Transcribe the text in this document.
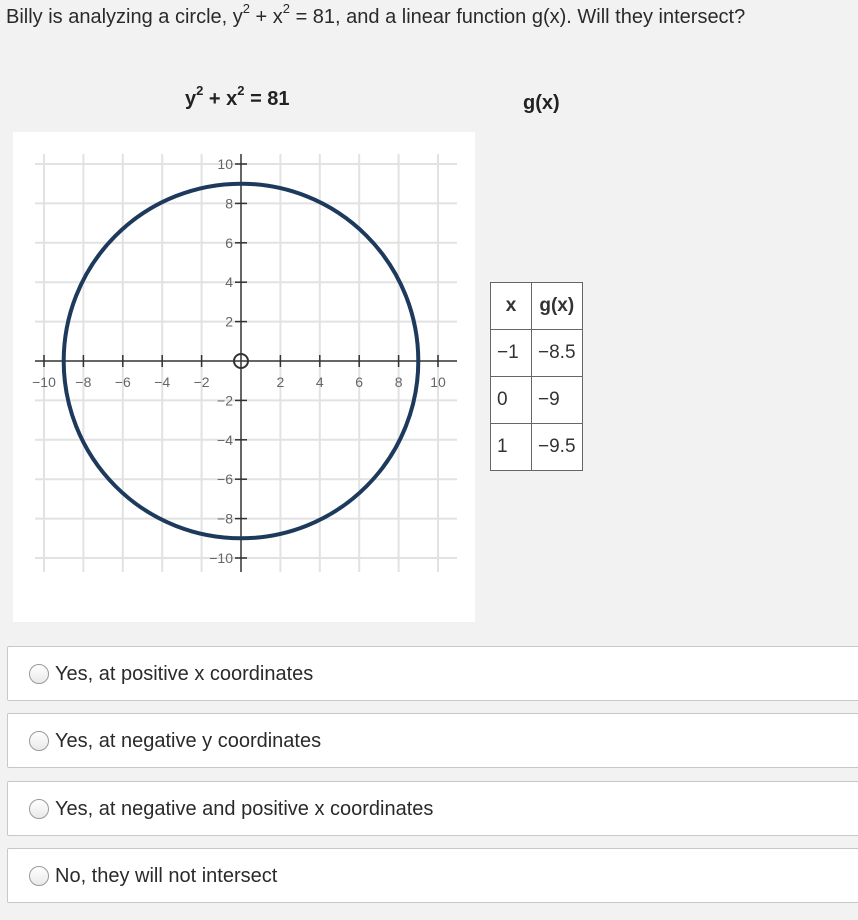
Billy is analyzing a circle, $y^2 + x^2 = 81$, and a linear function g(x). Will they intersect?
$y^2 + x^2 = 81$	g(x)
−10 −8 −6 −4 −2	2 4 6 8 10
10
8
6
4
2
−2
−4
−6
−8
−10
x	g(x)
−1	−8.5
0	−9
1	−9.5
Yes, at positive x coordinates
Yes, at negative y coordinates
Yes, at negative and positive x coordinates
No, they will not intersect
